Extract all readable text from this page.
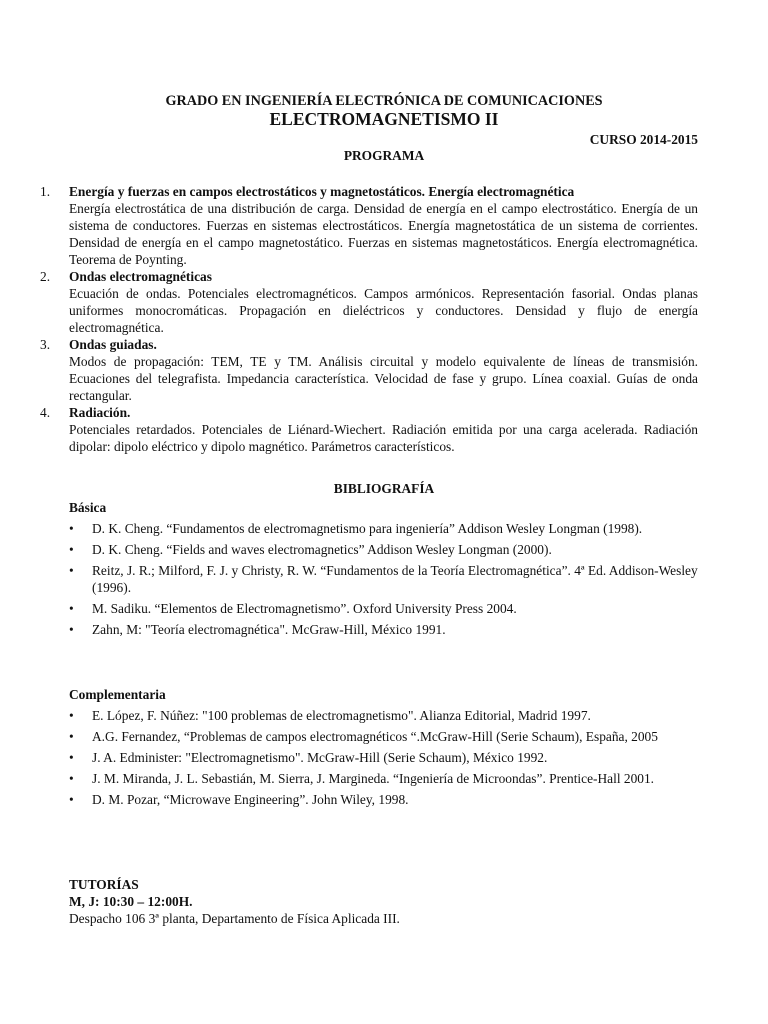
GRADO EN INGENIERÍA ELECTRÓNICA DE COMUNICACIONES
ELECTROMAGNETISMO II
CURSO 2014-2015
PROGRAMA
1. Energía y fuerzas en campos electrostáticos y magnetostáticos. Energía electromagnética
Energía electrostática de una distribución de carga. Densidad de energía en el campo electrostático. Energía de un sistema de conductores. Fuerzas en sistemas electrostáticos. Energía magnetostática de un sistema de corrientes. Densidad de energía en el campo magnetostático. Fuerzas en sistemas magnetostáticos. Energía electromagnética. Teorema de Poynting.
2. Ondas electromagnéticas
Ecuación de ondas. Potenciales electromagnéticos. Campos armónicos. Representación fasorial. Ondas planas uniformes monocromáticas. Propagación en dieléctricos y conductores. Densidad y flujo de energía electromagnética.
3. Ondas guiadas.
Modos de propagación: TEM, TE y TM. Análisis circuital y modelo equivalente de líneas de transmisión. Ecuaciones del telegrafista. Impedancia característica. Velocidad de fase y grupo. Línea coaxial. Guías de onda rectangular.
4. Radiación.
Potenciales retardados. Potenciales de Liénard-Wiechert. Radiación emitida por una carga acelerada. Radiación dipolar: dipolo eléctrico y dipolo magnético. Parámetros característicos.
BIBLIOGRAFÍA
Básica
• D. K. Cheng. “Fundamentos de electromagnetismo para ingeniería” Addison Wesley Longman (1998).
• D. K. Cheng. “Fields and waves electromagnetics” Addison Wesley Longman (2000).
• Reitz, J. R.; Milford, F. J. y Christy, R. W. “Fundamentos de la Teoría Electromagnética”. 4ª Ed. Addison-Wesley (1996).
• M. Sadiku. “Elementos de Electromagnetismo”. Oxford University Press 2004.
• Zahn, M: "Teoría electromagnética". McGraw-Hill, México 1991.
Complementaria
• E. López, F. Núñez: "100 problemas de electromagnetismo". Alianza Editorial, Madrid 1997.
• A.G. Fernandez, “Problemas de campos electromagnéticos “.McGraw-Hill (Serie Schaum), España, 2005
• J. A. Edminister: "Electromagnetismo". McGraw-Hill (Serie Schaum), México 1992.
• J. M. Miranda, J. L. Sebastián, M. Sierra, J. Margineda. “Ingeniería de Microondas”. Prentice-Hall 2001.
• D. M. Pozar, “Microwave Engineering”. John Wiley, 1998.
TUTORÍAS
M, J: 10:30 – 12:00H.
Despacho 106 3ª planta, Departamento de Física Aplicada III.
